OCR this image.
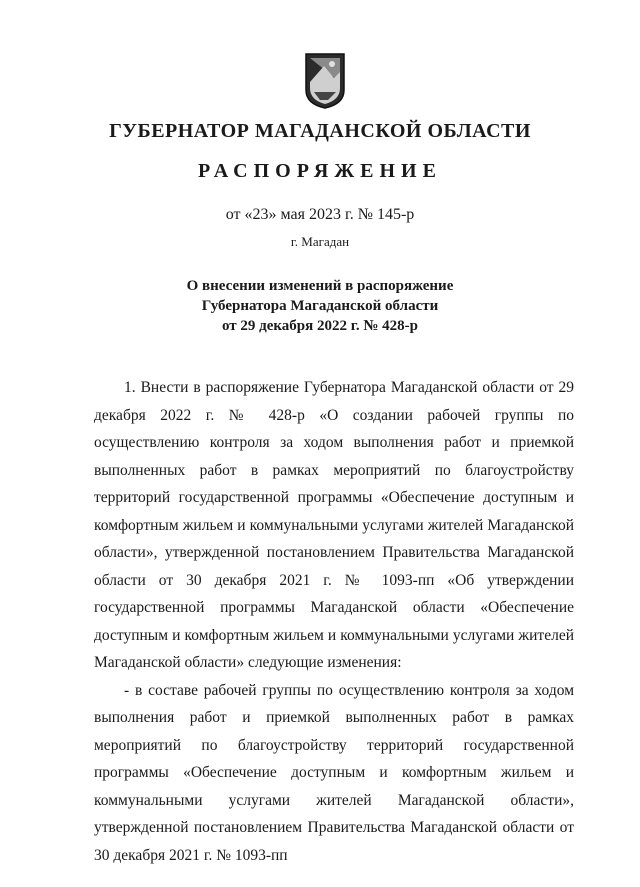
ГУБЕРНАТОР МАГАДАНСКОЙ ОБЛАСТИ
РАСПОРЯЖЕНИЕ
от «23» мая 2023 г. № 145-р
г. Магадан
О внесении изменений в распоряжение
Губернатора Магаданской области
от 29 декабря 2022 г. № 428-р

1. Внести в распоряжение Губернатора Магаданской области от 29 декабря 2022 г. № 428-р «О создании рабочей группы по осуществлению контроля за ходом выполнения работ и приемкой выполненных работ в рамках мероприятий по благоустройству территорий государственной программы «Обеспечение доступным и комфортным жильем и коммунальными услугами жителей Магаданской области», утвержденной постановлением Правительства Магаданской области от 30 декабря 2021 г. № 1093-пп «Об утверждении государственной программы Магаданской области «Обеспечение доступным и комфортным жильем и коммунальными услугами жителей Магаданской области» следующие изменения:

- в составе рабочей группы по осуществлению контроля за ходом выполнения работ и приемкой выполненных работ в рамках мероприятий по благоустройству территорий государственной программы «Обеспечение доступным и комфортным жильем и коммунальными услугами жителей Магаданской области», утвержденной постановлением Правительства Магаданской области от 30 декабря 2021 г. № 1093-пп
